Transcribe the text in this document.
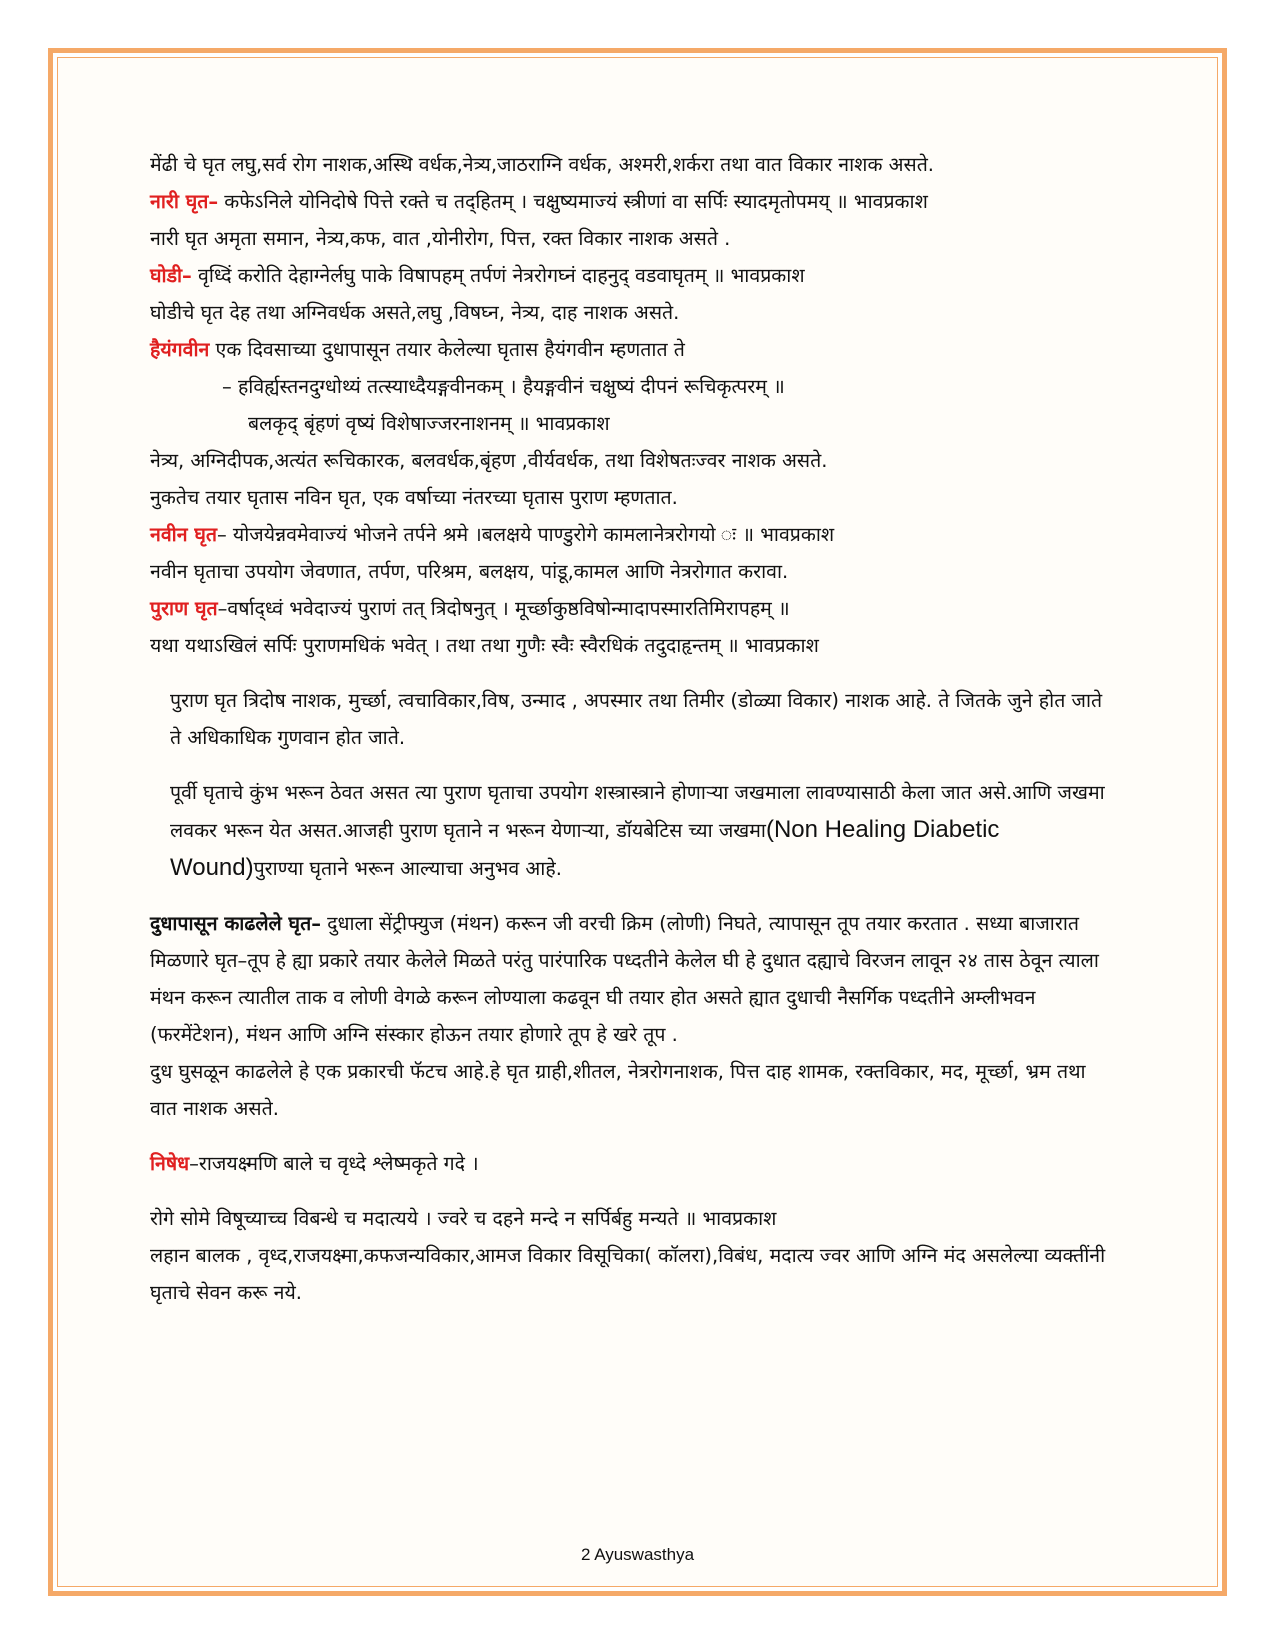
मेंढी चे घृत लघु,सर्व रोग नाशक,अस्थि वर्धक,नेत्र्य,जाठराग्नि वर्धक, अश्मरी,शर्करा तथा वात विकार नाशक असते.

नारी घृत– कफेऽनिले योनिदोषे पित्ते रक्ते च तद्हितम् । चक्षुष्यमाज्यं स्त्रीणां वा सर्पिः स्यादमृतोपमय् ॥ भावप्रकाश

नारी घृत अमृता समान, नेत्र्य,कफ, वात ,योनीरोग, पित्त, रक्त विकार नाशक असते .

घोडी– वृध्दिं करोति देहाग्नेर्लघु पाके विषापहम् तर्पणं नेत्ररोगघ्नं दाहनुद् वडवाघृतम् ॥ भावप्रकाश

घोडीचे घृत देह तथा अग्निवर्धक असते,लघु ,विषघ्न, नेत्र्य, दाह नाशक असते.

हैयंगवीन एक दिवसाच्या दुधापासून तयार केलेल्या घृतास हैयंगवीन म्हणतात ते

– हविर्ह्यस्तनदुग्धोथ्यं तत्स्याध्दैयङ्गवीनकम् । हैयङ्गवीनं चक्षुष्यं दीपनं रूचिकृत्परम् ॥

बलकृद् बृंहणं वृष्यं विशेषाज्जरनाशनम् ॥ भावप्रकाश

नेत्र्य, अग्निदीपक,अत्यंत रूचिकारक, बलवर्धक,बृंहण ,वीर्यवर्धक, तथा विशेषतःज्वर नाशक असते.

नुकतेच तयार घृतास नविन घृत, एक वर्षाच्या नंतरच्या घृतास पुराण म्हणतात.

नवीन घृत– योजयेन्नवमेवाज्यं भोजने तर्पने श्रमे ।बलक्षये पाण्डुरोगे कामलानेत्ररोगयो ः ॥ भावप्रकाश

नवीन घृताचा उपयोग जेवणात, तर्पण, परिश्रम, बलक्षय, पांडू,कामल आणि नेत्ररोगात करावा.

पुराण घृत–वर्षाद्ध्वं भवेदाज्यं पुराणं तत् त्रिदोषनुत् । मूर्च्छाकुष्ठविषोन्मादापस्मारतिमिरापहम् ॥

यथा यथाऽखिलं सर्पिः पुराणमधिकं भवेत् । तथा तथा गुणैः स्वैः स्वैरधिकं तदुदाहृन्तम् ॥ भावप्रकाश

पुराण घृत त्रिदोष नाशक, मुर्च्छा, त्वचाविकार,विष, उन्माद , अपस्मार तथा तिमीर (डोळ्या विकार) नाशक आहे. ते जितके जुने होत जाते ते अधिकाधिक गुणवान होत जाते.

पूर्वी घृताचे कुंभ भरून ठेवत असत त्या पुराण घृताचा उपयोग शस्त्रास्त्राने होणाऱ्या जखमाला लावण्यासाठी केला जात असे.आणि जखमा लवकर भरून येत असत.आजही पुराण घृताने न भरून येणाऱ्या, डॉयबेटिस च्या जखमा(Non Healing Diabetic Wound)पुराण्या घृताने भरून आल्याचा अनुभव आहे.

दुधापासून काढलेले घृत– दुधाला सेंट्रीफ्युज (मंथन) करून जी वरची क्रिम (लोणी) निघते, त्यापासून तूप तयार करतात . सध्या बाजारात मिळणारे घृत–तूप हे ह्या प्रकारे तयार केलेले मिळते परंतु पारंपारिक पध्दतीने केलेल घी हे दुधात दह्याचे विरजन लावून २४ तास ठेवून त्याला मंथन करून त्यातील ताक व लोणी वेगळे करून लोण्याला कढवून घी तयार होत असते ह्यात दुधाची नैसर्गिक पध्दतीने अम्लीभवन (फरमेंटेशन), मंथन आणि अग्नि संस्कार होऊन तयार होणारे तूप हे खरे तूप .

दुध घुसळून काढलेले हे एक प्रकारची फॅटच आहे.हे घृत ग्राही,शीतल, नेत्ररोगनाशक, पित्त दाह शामक, रक्तविकार, मद, मूर्च्छा, भ्रम तथा वात नाशक असते.

निषेध–राजयक्ष्मणि बाले च वृध्दे श्लेष्मकृते गदे ।

रोगे सोमे विषूच्याच्च विबन्धे च मदात्यये । ज्वरे च दहने मन्दे न सर्पिर्बहु मन्यते ॥ भावप्रकाश

लहान बालक , वृध्द,राजयक्ष्मा,कफजन्यविकार,आमज विकार विसूचिका( कॉलरा),विबंध, मदात्य ज्वर आणि अग्नि मंद असलेल्या व्यक्तींनी घृताचे सेवन करू नये.

2 Ayuswasthya
